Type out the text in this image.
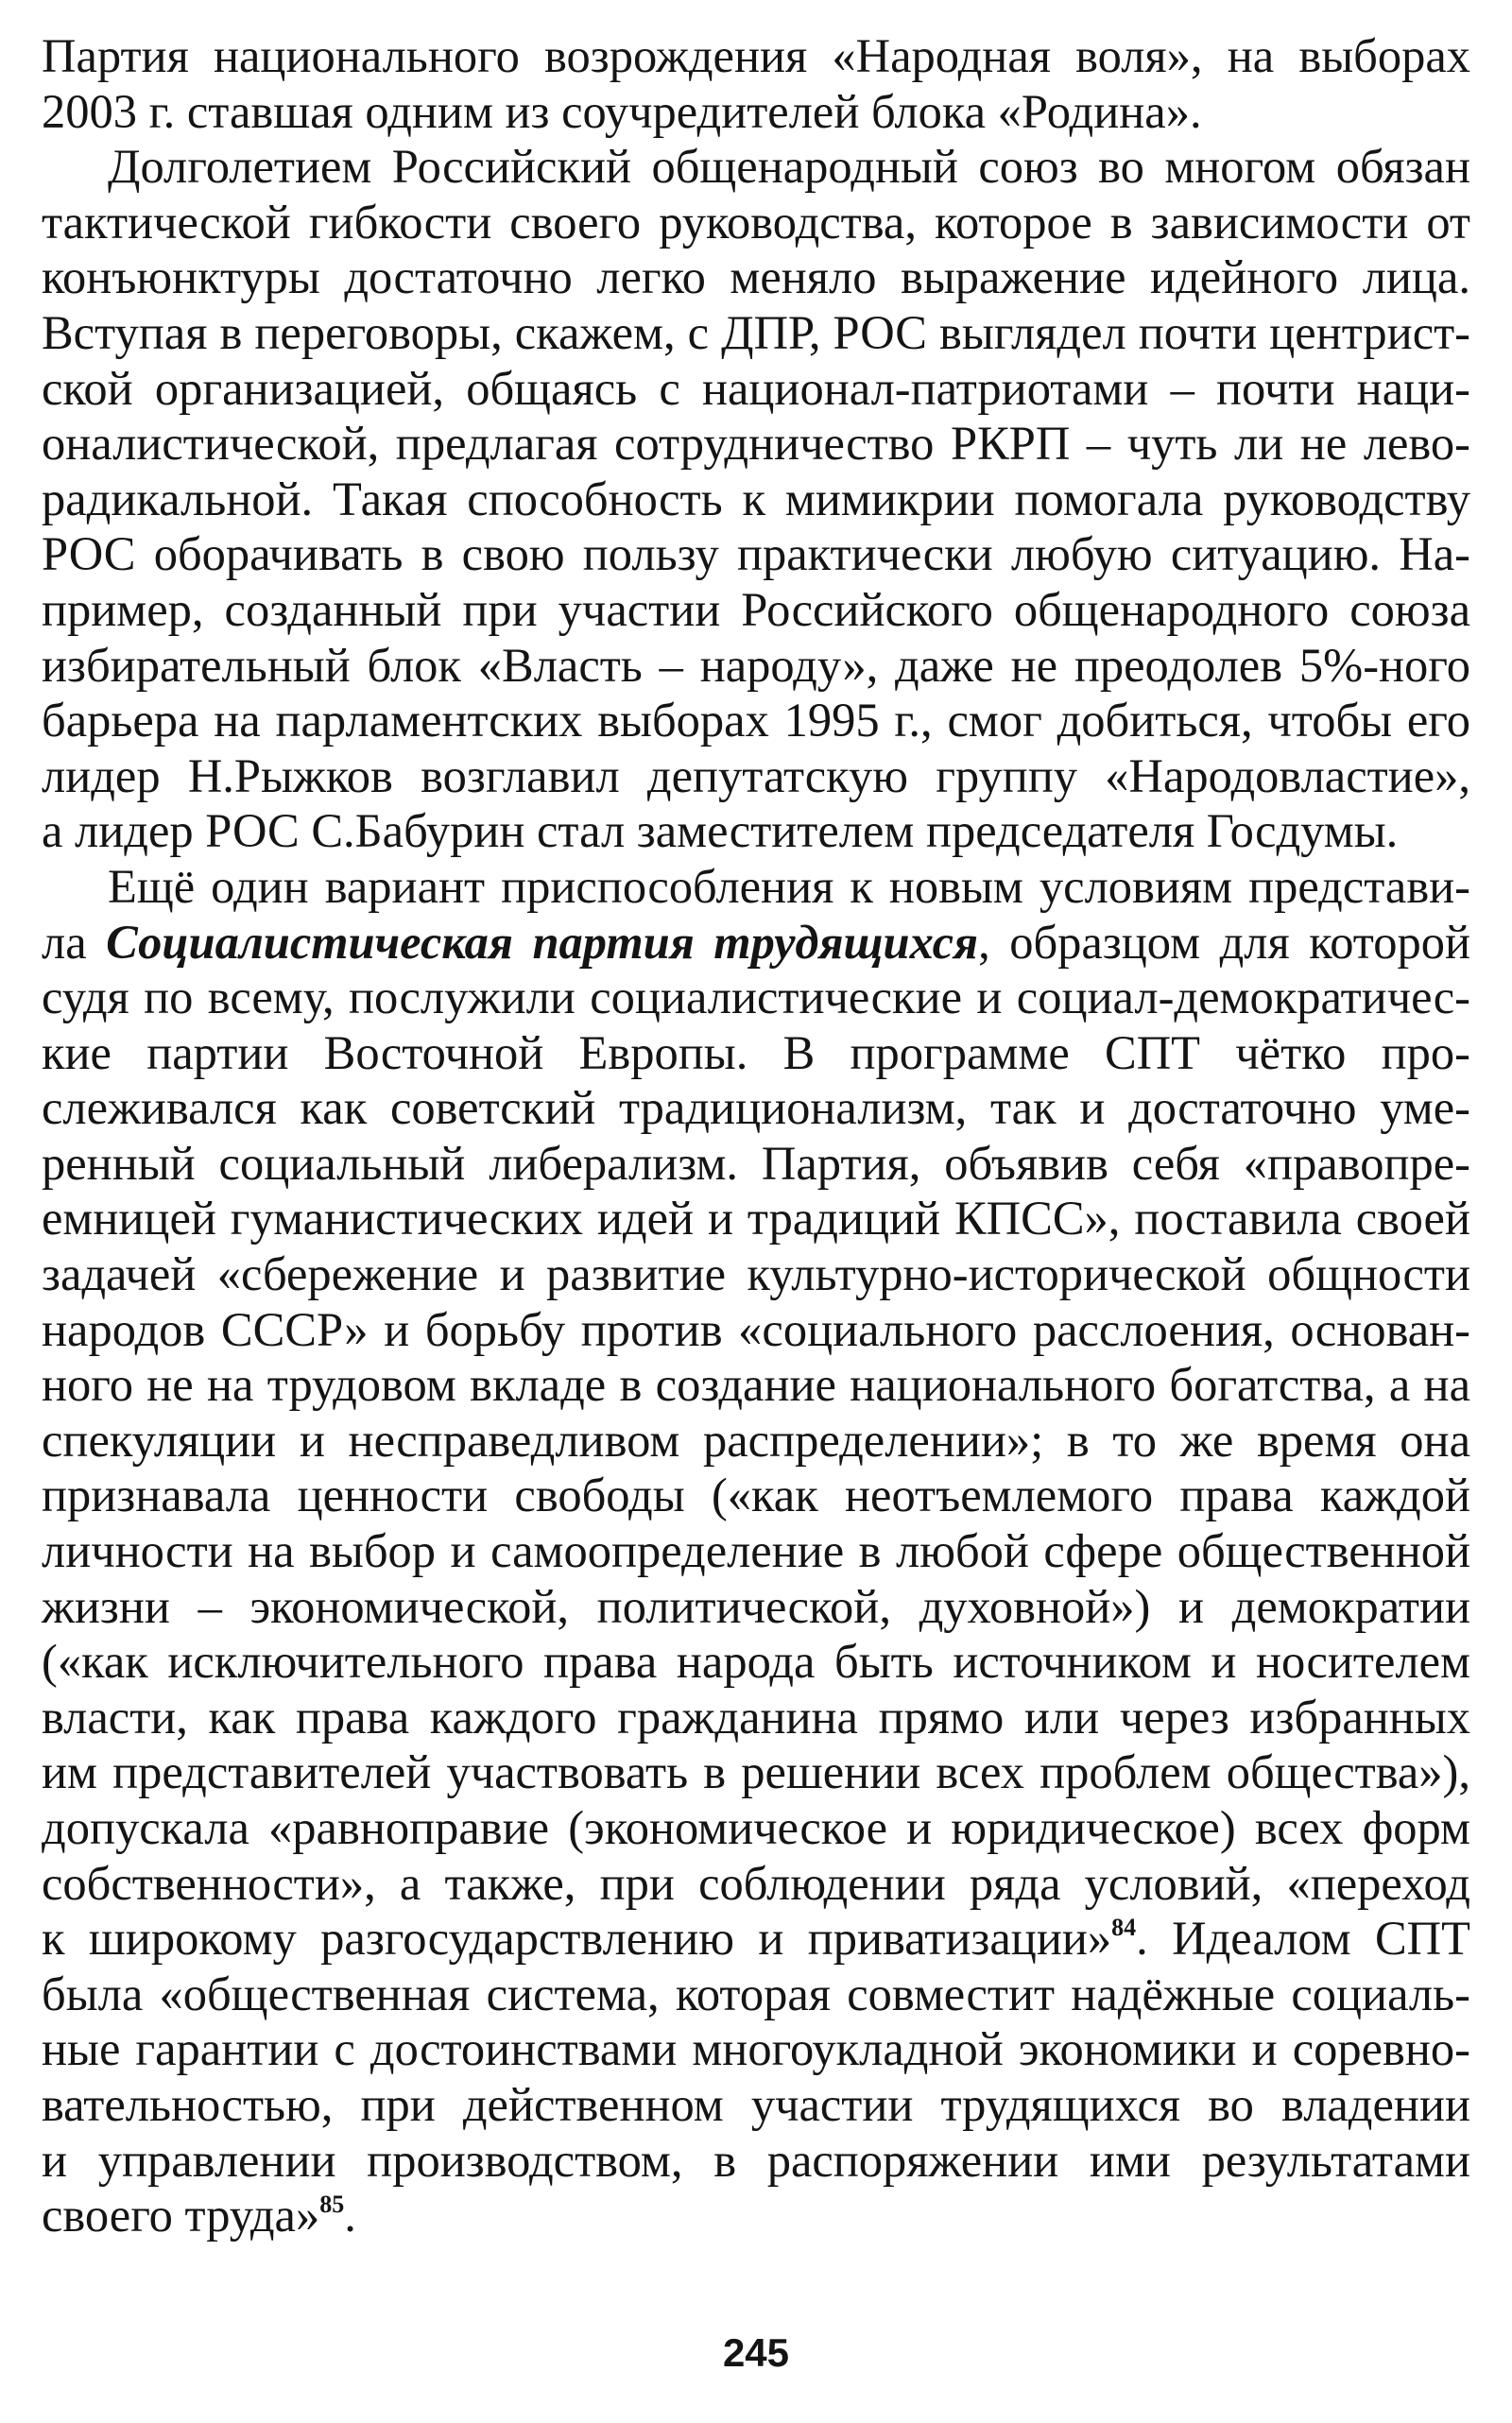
Партия национального возрождения «Народная воля», на выборах
2003 г. ставшая одним из соучредителей блока «Родина».
Долголетием Российский общенародный союз во многом обязан
тактической гибкости своего руководства, которое в зависимости от
конъюнктуры достаточно легко меняло выражение идейного лица.
Вступая в переговоры, скажем, с ДПР, РОС выглядел почти центрист-
ской организацией, общаясь с национал-патриотами – почти наци-
оналистической, предлагая сотрудничество РКРП – чуть ли не лево-
радикальной. Такая способность к мимикрии помогала руководству
РОС оборачивать в свою пользу практически любую ситуацию. На-
пример, созданный при участии Российского общенародного союза
избирательный блок «Власть – народу», даже не преодолев 5%-ного
барьера на парламентских выборах 1995 г., смог добиться, чтобы его
лидер Н.Рыжков возглавил депутатскую группу «Народовластие»,
а лидер РОС С.Бабурин стал заместителем председателя Госдумы.
Ещё один вариант приспособления к новым условиям представи-
ла Социалистическая партия трудящихся, образцом для которой
судя по всему, послужили социалистические и социал-демократичес-
кие партии Восточной Европы. В программе СПТ чётко про-
слеживался как советский традиционализм, так и достаточно уме-
ренный социальный либерализм. Партия, объявив себя «правопре-
емницей гуманистических идей и традиций КПСС», поставила своей
задачей «сбережение и развитие культурно-исторической общности
народов СССР» и борьбу против «социального расслоения, основан-
ного не на трудовом вкладе в создание национального богатства, а на
спекуляции и несправедливом распределении»; в то же время она
признавала ценности свободы («как неотъемлемого права каждой
личности на выбор и самоопределение в любой сфере общественной
жизни – экономической, политической, духовной») и демократии
(«как исключительного права народа быть источником и носителем
власти, как права каждого гражданина прямо или через избранных
им представителей участвовать в решении всех проблем общества»),
допускала «равноправие (экономическое и юридическое) всех форм
собственности», а также, при соблюдении ряда условий, «переход
к широкому разгосударствлению и приватизации»$^{84}$. Идеалом СПТ
была «общественная система, которая совместит надёжные социаль-
ные гарантии с достоинствами многоукладной экономики и соревно-
вательностью, при действенном участии трудящихся во владении
и управлении производством, в распоряжении ими результатами
своего труда»$^{85}$.
245
